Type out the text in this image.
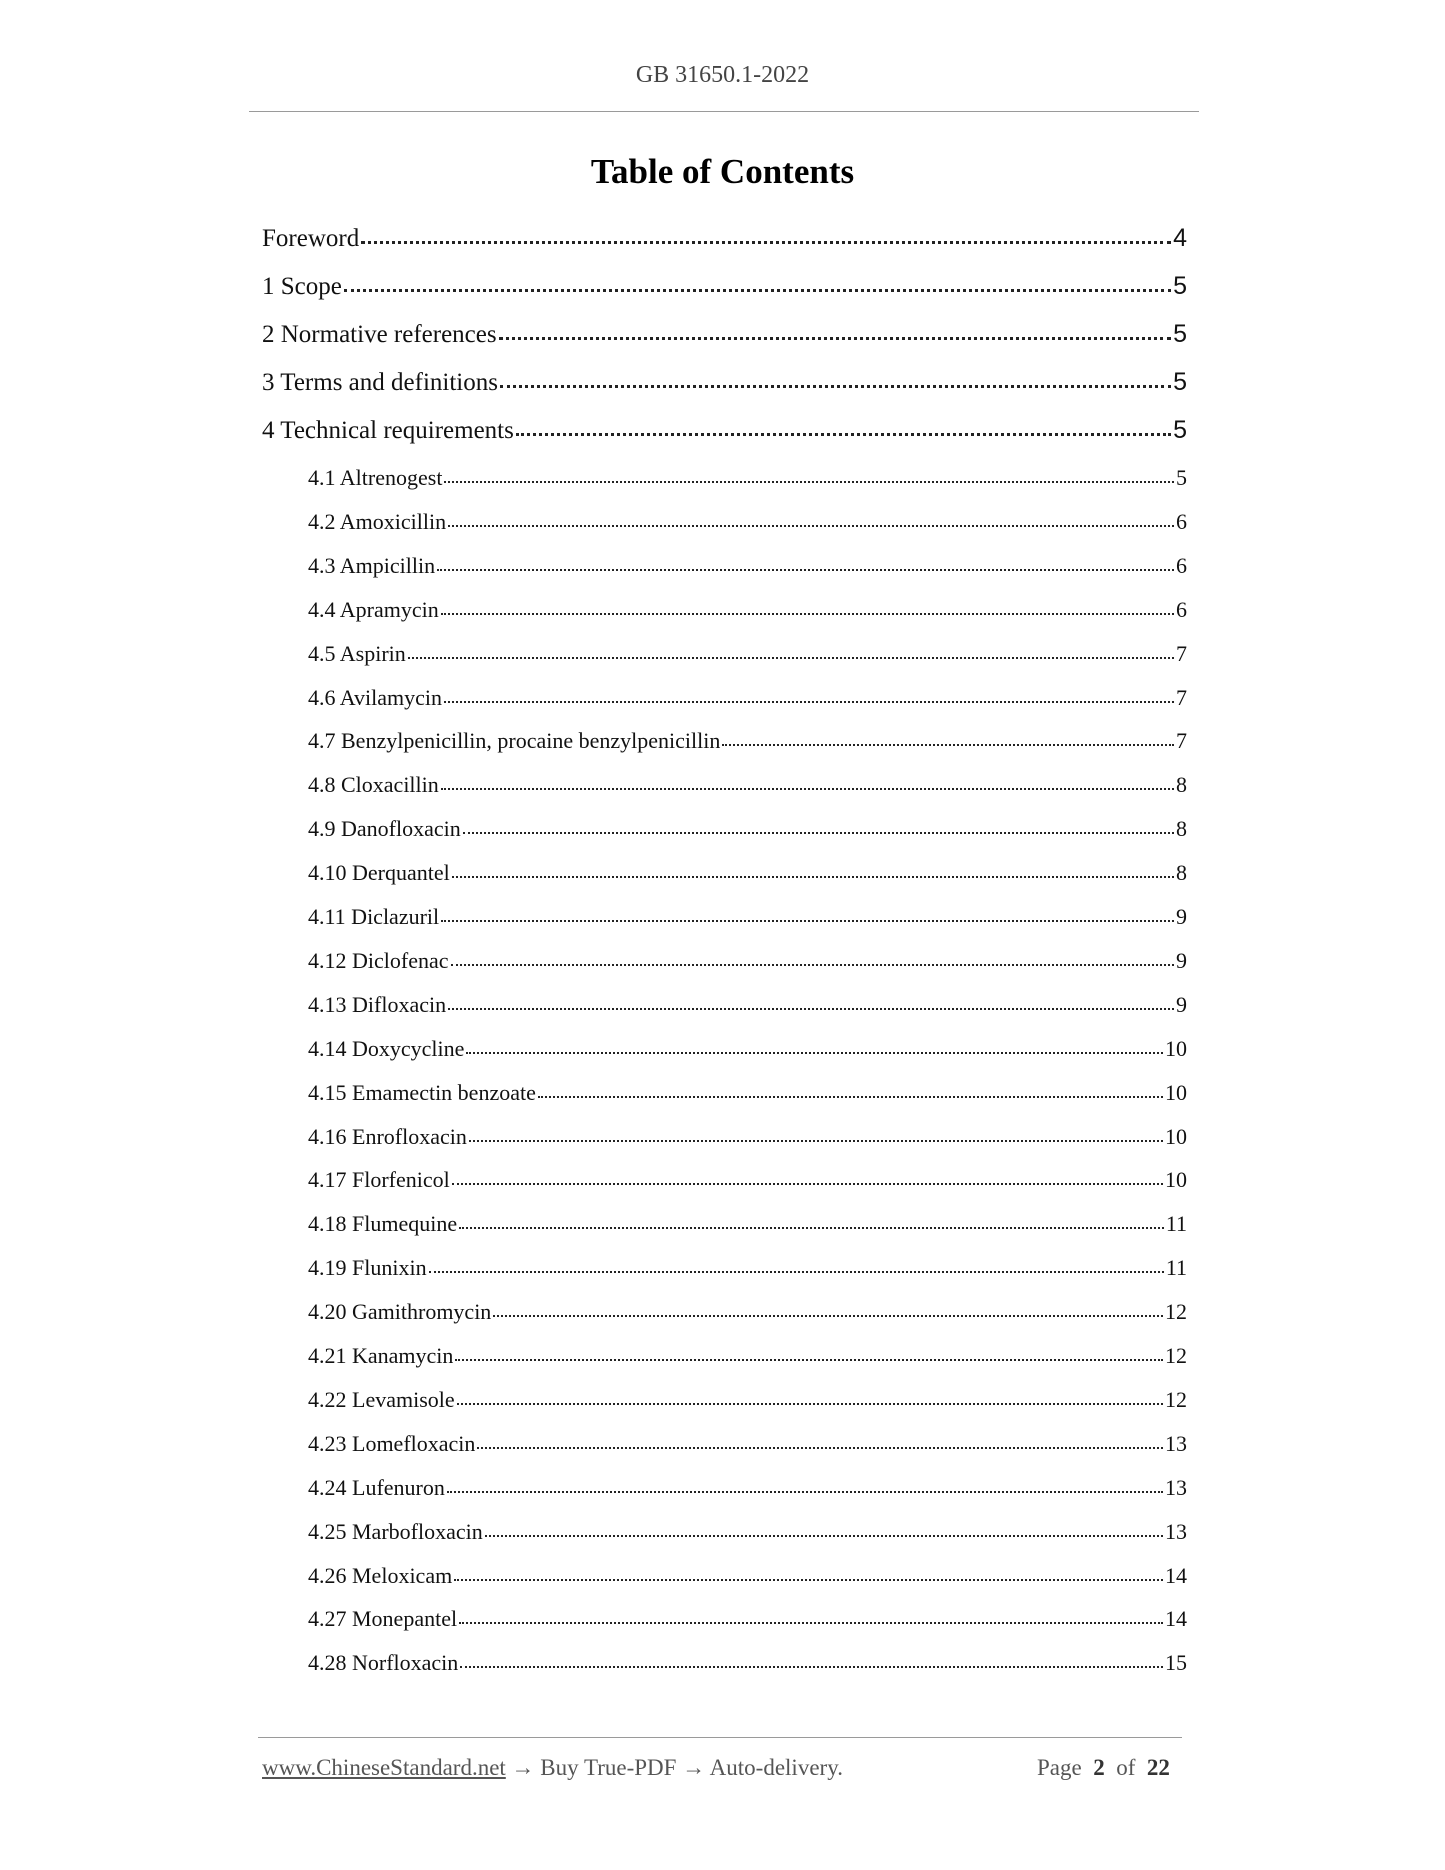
GB 31650.1-2022
Table of Contents
Foreword	4
1 Scope	5
2 Normative references	5
3 Terms and definitions	5
4 Technical requirements	5
4.1 Altrenogest	5
4.2 Amoxicillin	6
4.3 Ampicillin	6
4.4 Apramycin	6
4.5 Aspirin	7
4.6 Avilamycin	7
4.7 Benzylpenicillin, procaine benzylpenicillin	7
4.8 Cloxacillin	8
4.9 Danofloxacin	8
4.10 Derquantel	8
4.11 Diclazuril	9
4.12 Diclofenac	9
4.13 Difloxacin	9
4.14 Doxycycline	10
4.15 Emamectin benzoate	10
4.16 Enrofloxacin	10
4.17 Florfenicol	10
4.18 Flumequine	11
4.19 Flunixin	11
4.20 Gamithromycin	12
4.21 Kanamycin	12
4.22 Levamisole	12
4.23 Lomefloxacin	13
4.24 Lufenuron	13
4.25 Marbofloxacin	13
4.26 Meloxicam	14
4.27 Monepantel	14
4.28 Norfloxacin	15
www.ChineseStandard.net → Buy True-PDF → Auto-delivery.	Page 2 of 22
